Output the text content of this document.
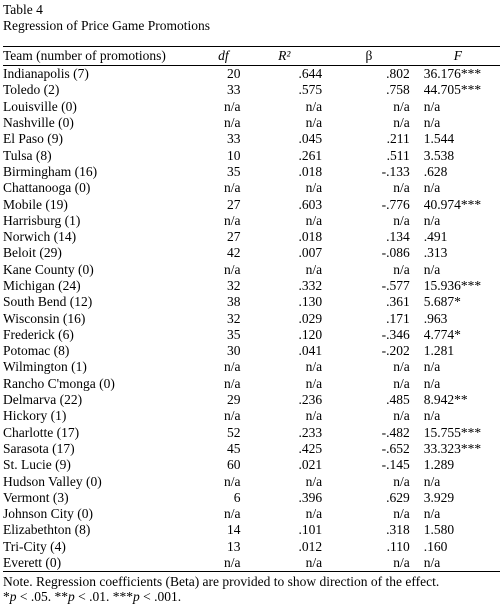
Table 4
Regression of Price Game Promotions
Team (number of promotions)	df	R²	β	F
Indianapolis (7)	20	.644	.802	36.176***
Toledo (2)	33	.575	.758	44.705***
Louisville (0)	n/a	n/a	n/a	n/a
Nashville (0)	n/a	n/a	n/a	n/a
El Paso (9)	33	.045	.211	1.544
Tulsa (8)	10	.261	.511	3.538
Birmingham (16)	35	.018	-.133	.628
Chattanooga (0)	n/a	n/a	n/a	n/a
Mobile (19)	27	.603	-.776	40.974***
Harrisburg (1)	n/a	n/a	n/a	n/a
Norwich (14)	27	.018	.134	.491
Beloit (29)	42	.007	-.086	.313
Kane County (0)	n/a	n/a	n/a	n/a
Michigan (24)	32	.332	-.577	15.936***
South Bend (12)	38	.130	.361	5.687*
Wisconsin (16)	32	.029	.171	.963
Frederick (6)	35	.120	-.346	4.774*
Potomac (8)	30	.041	-.202	1.281
Wilmington (1)	n/a	n/a	n/a	n/a
Rancho C'monga (0)	n/a	n/a	n/a	n/a
Delmarva (22)	29	.236	.485	8.942**
Hickory (1)	n/a	n/a	n/a	n/a
Charlotte (17)	52	.233	-.482	15.755***
Sarasota (17)	45	.425	-.652	33.323***
St. Lucie (9)	60	.021	-.145	1.289
Hudson Valley (0)	n/a	n/a	n/a	n/a
Vermont (3)	6	.396	.629	3.929
Johnson City (0)	n/a	n/a	n/a	n/a
Elizabethton (8)	14	.101	.318	1.580
Tri-City (4)	13	.012	.110	.160
Everett (0)	n/a	n/a	n/a	n/a
Note. Regression coefficients (Beta) are provided to show direction of the effect.
*p < .05. **p < .01. ***p < .001.
